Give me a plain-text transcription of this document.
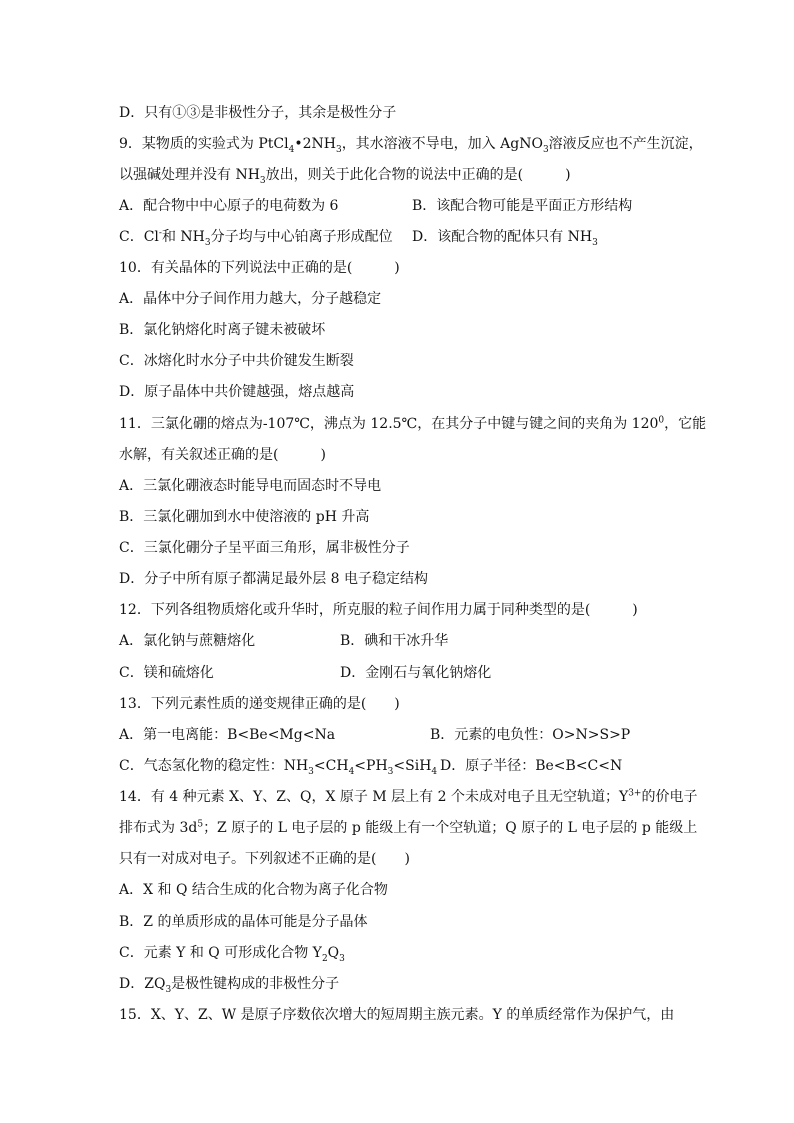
D．只有①③是非极性分子，其余是极性分子
9．某物质的实验式为 $PtCl_4•2NH_3$，其水溶液不导电，加入 AgNO$_3$溶液反应也不产生沉淀，
以强碱处理并没有 $NH_3$放出，则关于此化合物的说法中正确的是(　　　)
A．配合物中中心原子的电荷数为 6	B．该配合物可能是平面正方形结构
C．Cl-和 $NH_3$分子均与中心铂离子形成配位 D．该配合物的配体只有 $NH_3$
10．有关晶体的下列说法中正确的是(　　　)
A．晶体中分子间作用力越大，分子越稳定
B．氯化钠熔化时离子键未被破坏
C．冰熔化时水分子中共价键发生断裂
D．原子晶体中共价键越强，熔点越高
11．三氯化硼的熔点为-107℃，沸点为 12.5℃，在其分子中键与键之间的夹角为 $120^0$，它能
水解，有关叙述正确的是(　　　)
A．三氯化硼液态时能导电而固态时不导电
B．三氯化硼加到水中使溶液的 pH 升高
C．三氯化硼分子呈平面三角形，属非极性分子
D．分子中所有原子都满足最外层 8 电子稳定结构
12．下列各组物质熔化或升华时，所克服的粒子间作用力属于同种类型的是(　　　)
A．氯化钠与蔗糖熔化	B．碘和干冰升华
C．镁和硫熔化	D．金刚石与氧化钠熔化
13．下列元素性质的递变规律正确的是(　　)
A．第一电离能：B<Be<Mg<Na	B．元素的电负性：O>N>S>P
C．气态氢化物的稳定性：$NH_3<CH_4<PH_3<SiH_4$ D．原子半径：Be<B<C<N
14．有 4 种元素 X、Y、Z、Q，X 原子 M 层上有 2 个未成对电子且无空轨道；$Y^{3+}$的价电子
排布式为 $3d^5$；Z 原子的 L 电子层的 p 能级上有一个空轨道；Q 原子的 L 电子层的 p 能级上
只有一对成对电子。下列叙述不正确的是(　　)
A．X 和 Q 结合生成的化合物为离子化合物
B．Z 的单质形成的晶体可能是分子晶体
C．元素 Y 和 Q 可形成化合物 $Y_2Q_3$
D．$ZQ_3$是极性键构成的非极性分子
15．X、Y、Z、W 是原子序数依次增大的短周期主族元素。Y 的单质经常作为保护气，由
